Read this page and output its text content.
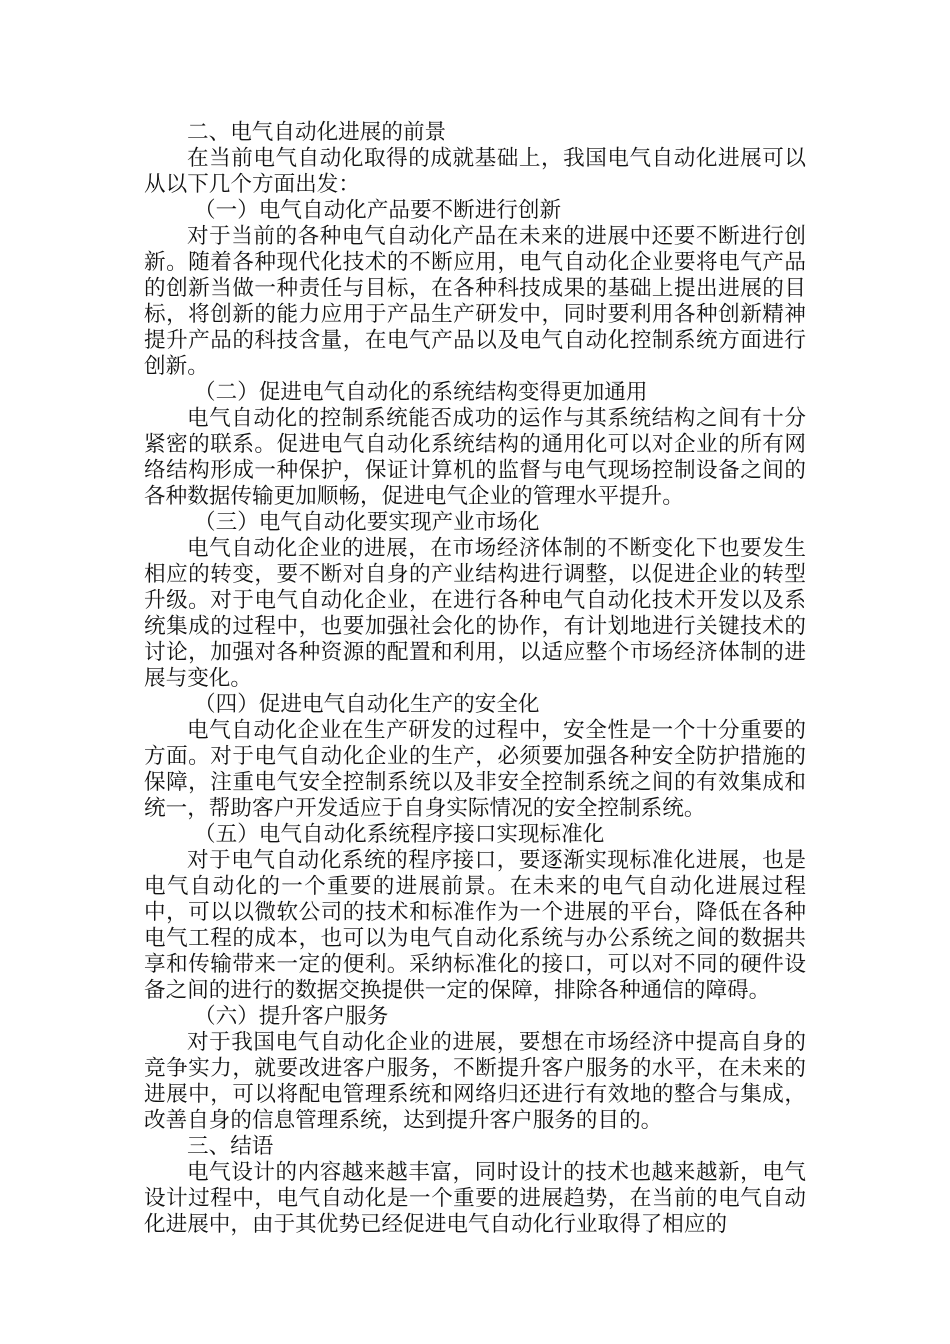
二、电气自动化进展的前景

在当前电气自动化取得的成就基础上，我国电气自动化进展可以从以下几个方面出发：

（一）电气自动化产品要不断进行创新

对于当前的各种电气自动化产品在未来的进展中还要不断进行创新。随着各种现代化技术的不断应用，电气自动化企业要将电气产品的创新当做一种责任与目标，在各种科技成果的基础上提出进展的目标，将创新的能力应用于产品生产研发中，同时要利用各种创新精神提升产品的科技含量，在电气产品以及电气自动化控制系统方面进行创新。

（二）促进电气自动化的系统结构变得更加通用

电气自动化的控制系统能否成功的运作与其系统结构之间有十分紧密的联系。促进电气自动化系统结构的通用化可以对企业的所有网络结构形成一种保护，保证计算机的监督与电气现场控制设备之间的各种数据传输更加顺畅，促进电气企业的管理水平提升。

（三）电气自动化要实现产业市场化

电气自动化企业的进展，在市场经济体制的不断变化下也要发生相应的转变，要不断对自身的产业结构进行调整，以促进企业的转型升级。对于电气自动化企业，在进行各种电气自动化技术开发以及系统集成的过程中，也要加强社会化的协作，有计划地进行关键技术的讨论，加强对各种资源的配置和利用，以适应整个市场经济体制的进展与变化。

（四）促进电气自动化生产的安全化

电气自动化企业在生产研发的过程中，安全性是一个十分重要的方面。对于电气自动化企业的生产，必须要加强各种安全防护措施的保障，注重电气安全控制系统以及非安全控制系统之间的有效集成和统一，帮助客户开发适应于自身实际情况的安全控制系统。

（五）电气自动化系统程序接口实现标准化

对于电气自动化系统的程序接口，要逐渐实现标准化进展，也是电气自动化的一个重要的进展前景。在未来的电气自动化进展过程中，可以以微软公司的技术和标准作为一个进展的平台，降低在各种电气工程的成本，也可以为电气自动化系统与办公系统之间的数据共享和传输带来一定的便利。采纳标准化的接口，可以对不同的硬件设备之间的进行的数据交换提供一定的保障，排除各种通信的障碍。

（六）提升客户服务

对于我国电气自动化企业的进展，要想在市场经济中提高自身的竞争实力，就要改进客户服务，不断提升客户服务的水平，在未来的进展中，可以将配电管理系统和网络归还进行有效地的整合与集成，改善自身的信息管理系统，达到提升客户服务的目的。

三、结语

电气设计的内容越来越丰富，同时设计的技术也越来越新，电气设计过程中，电气自动化是一个重要的进展趋势，在当前的电气自动化进展中，由于其优势已经促进电气自动化行业取得了相应的
